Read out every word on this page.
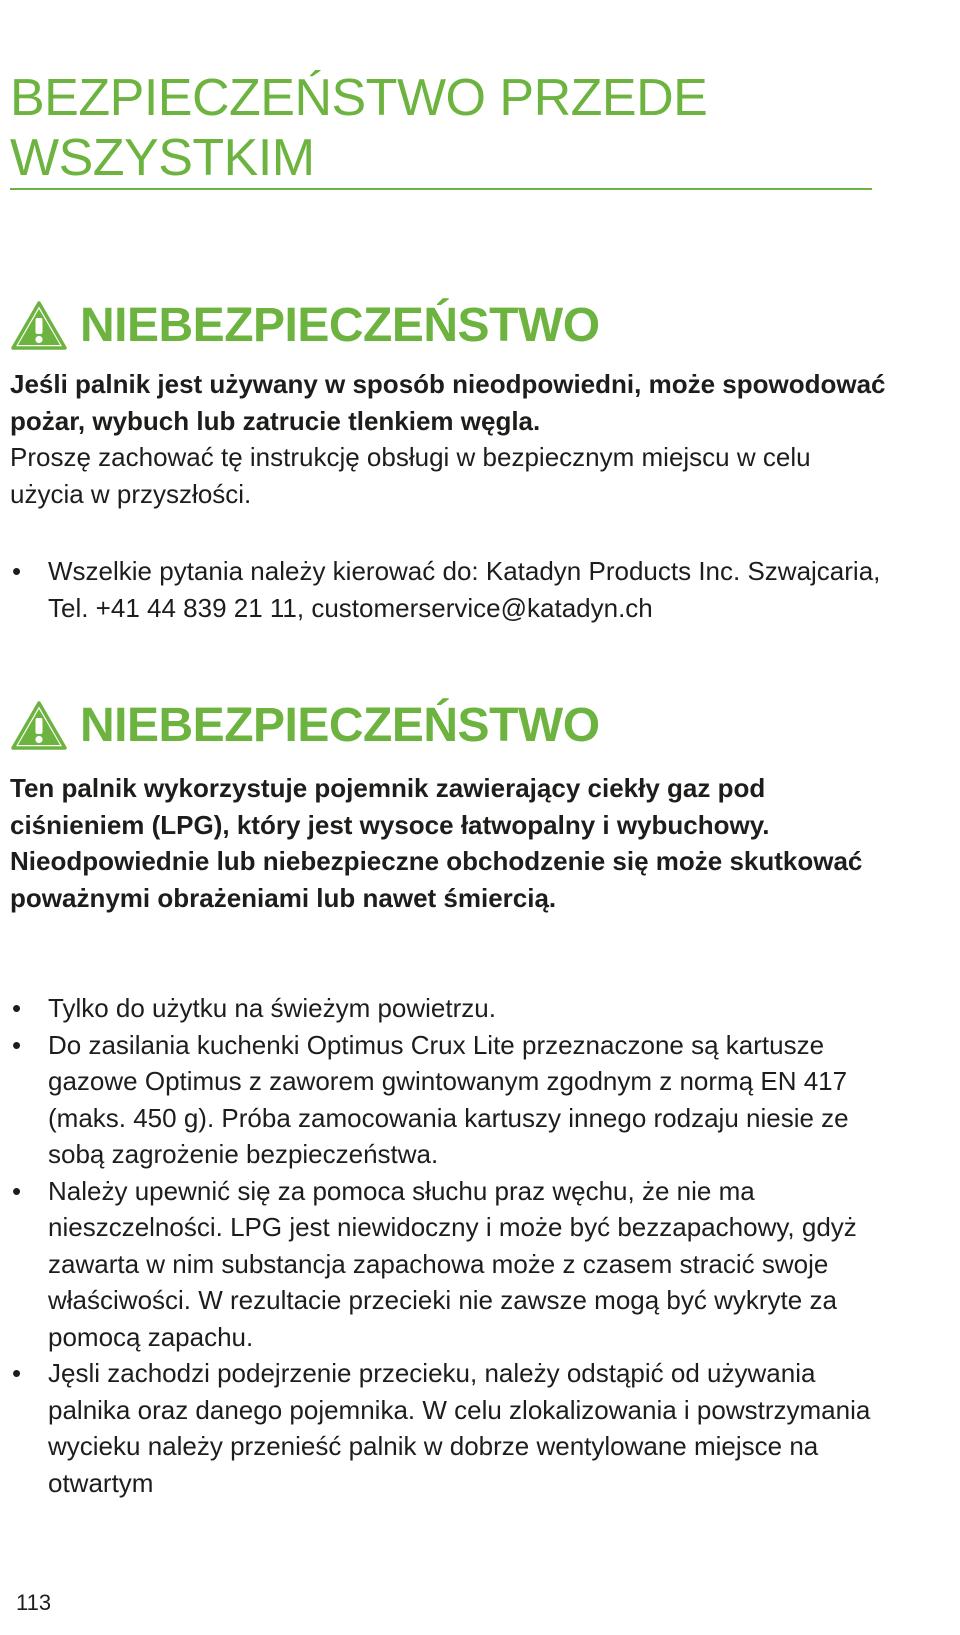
BEZPIECZEŃSTWO PRZEDE
WSZYSTKIM
NIEBEZPIECZEŃSTWO

Jeśli palnik jest używany w sposób nieodpowiedni, może spowodować pożar, wybuch lub zatrucie tlenkiem węgla.

Proszę zachować tę instrukcję obsługi w bezpiecznym miejscu w celu użycia w przyszłości.

•	Wszelkie pytania należy kierować do: Katadyn Products Inc. Szwajcaria, Tel. +41 44 839 21 11, customerservice@katadyn.ch
NIEBEZPIECZEŃSTWO

Ten palnik wykorzystuje pojemnik zawierający ciekły gaz pod ciśnieniem (LPG), który jest wysoce łatwopalny i wybuchowy. Nieodpowiednie lub niebezpieczne obchodzenie się może skutkować poważnymi obrażeniami lub nawet śmiercią.

•	Tylko do użytku na świeżym powietrzu.
•	Do zasilania kuchenki Optimus Crux Lite przeznaczone są kartusze gazowe Optimus z zaworem gwintowanym zgodnym z normą EN 417 (maks. 450 g). Próba zamocowania kartuszy innego rodzaju niesie ze sobą zagrożenie bezpieczeństwa.
•	Należy upewnić się za pomoca słuchu praz węchu, że nie ma nieszczelności. LPG jest niewidoczny i może być bezzapachowy, gdyż zawarta w nim substancja zapachowa może z czasem stracić swoje właściwości. W rezultacie przecieki nie zawsze mogą być wykryte za pomocą zapachu.
•	Jęsli zachodzi podejrzenie przecieku, należy odstąpić od używania palnika oraz danego pojemnika. W celu zlokalizowania i powstrzymania wycieku należy przenieść palnik w dobrze wentylowane miejsce na otwartym
113
